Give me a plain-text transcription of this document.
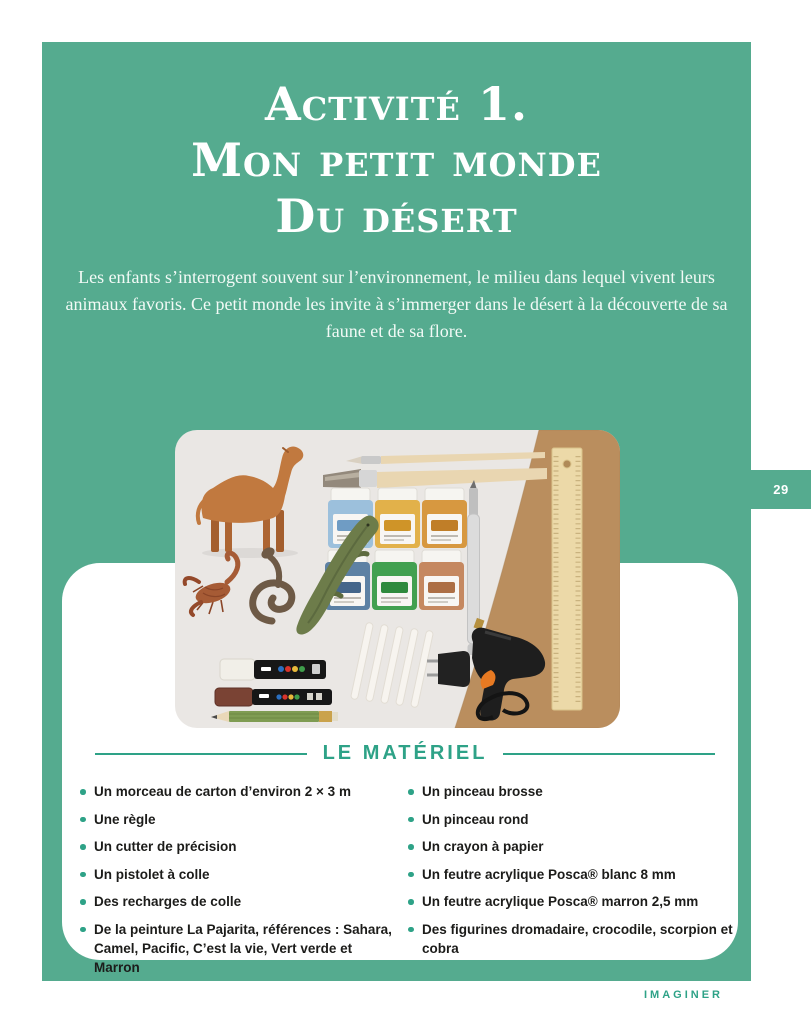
Activité 1.
Mon petit monde
Du désert

Les enfants s’interrogent souvent sur l’environnement, le milieu dans lequel vivent leurs animaux favoris. Ce petit monde les invite à s’immerger dans le désert à la découverte de sa faune et de sa flore.

LE MATÉRIEL
Un morceau de carton d’environ 2 × 3 m
Une règle
Un cutter de précision
Un pistolet à colle
Des recharges de colle
De la peinture La Pajarita, références : Sahara, Camel, Pacific, C’est la vie, Vert verde et Marron
Un pinceau brosse
Un pinceau rond
Un crayon à papier
Un feutre acrylique Posca® blanc 8 mm
Un feutre acrylique Posca® marron 2,5 mm
Des figurines dromadaire, crocodile, scorpion et cobra
29
IMAGINER
